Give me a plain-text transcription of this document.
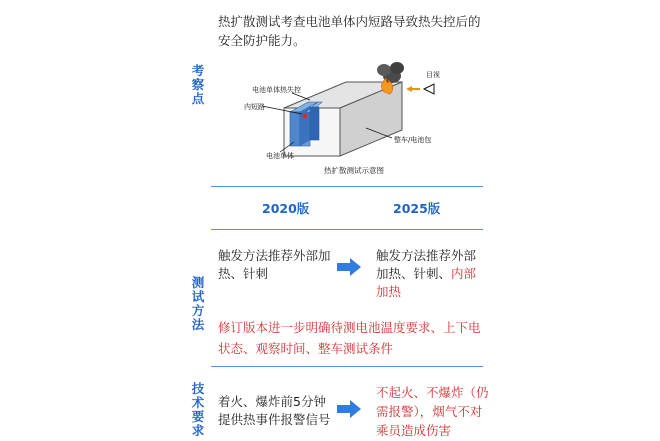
热扩散测试考查电池单体内短路导致热失控后的安全防护能力。
考察点
目视
电池单体热失控
内短路
电池单体
整车/电池包
热扩散测试示意图
2020版	2025版
测试方法
触发方法推荐外部加热、针刺
触发方法推荐外部加热、针刺、内部加热
修订版本进一步明确待测电池温度要求、上下电状态、观察时间、整车测试条件
技术要求
着火、爆炸前5分钟提供热事件报警信号
不起火、不爆炸（仍需报警），烟气不对乘员造成伤害
